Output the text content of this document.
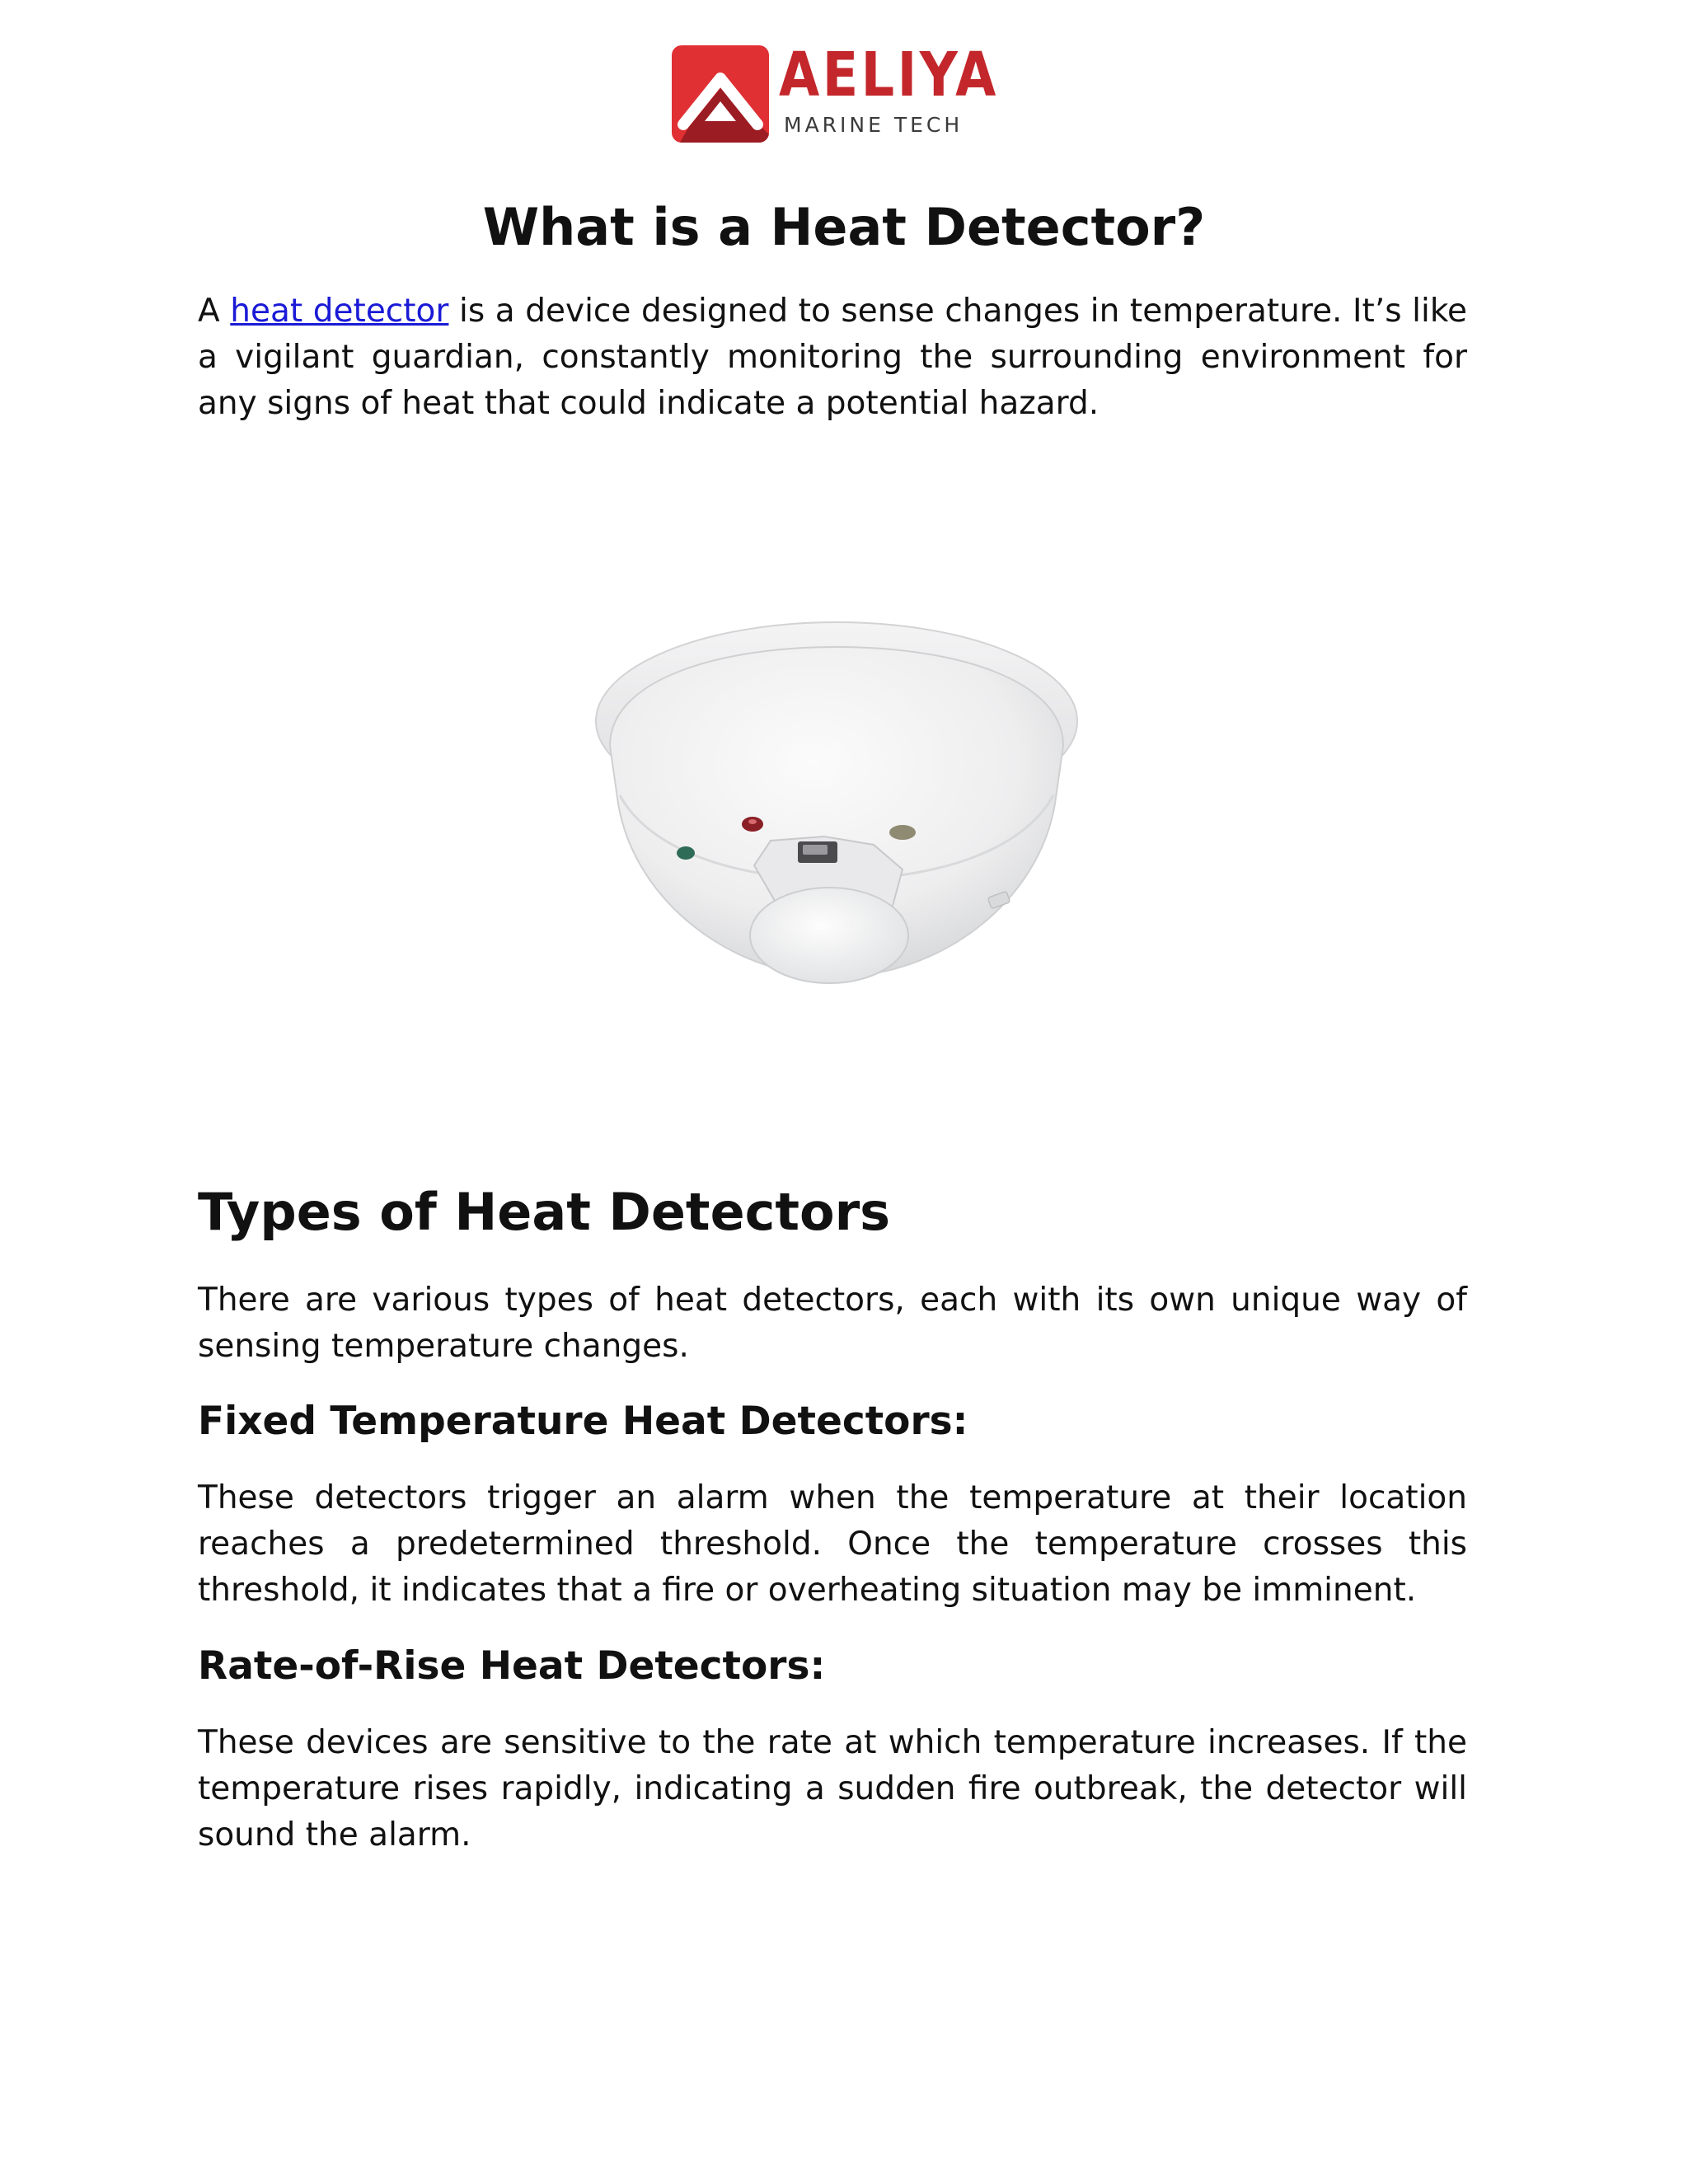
AELIYA
MARINE TECH
What is a Heat Detector?

A heat detector is a device designed to sense changes in temperature. It’s like a vigilant guardian, constantly monitoring the surrounding environment for any signs of heat that could indicate a potential hazard.

Types of Heat Detectors

There are various types of heat detectors, each with its own unique way of sensing temperature changes.

Fixed Temperature Heat Detectors:

These detectors trigger an alarm when the temperature at their location reaches a predetermined threshold. Once the temperature crosses this threshold, it indicates that a fire or overheating situation may be imminent.

Rate-of-Rise Heat Detectors:

These devices are sensitive to the rate at which temperature increases. If the temperature rises rapidly, indicating a sudden fire outbreak, the detector will sound the alarm.
